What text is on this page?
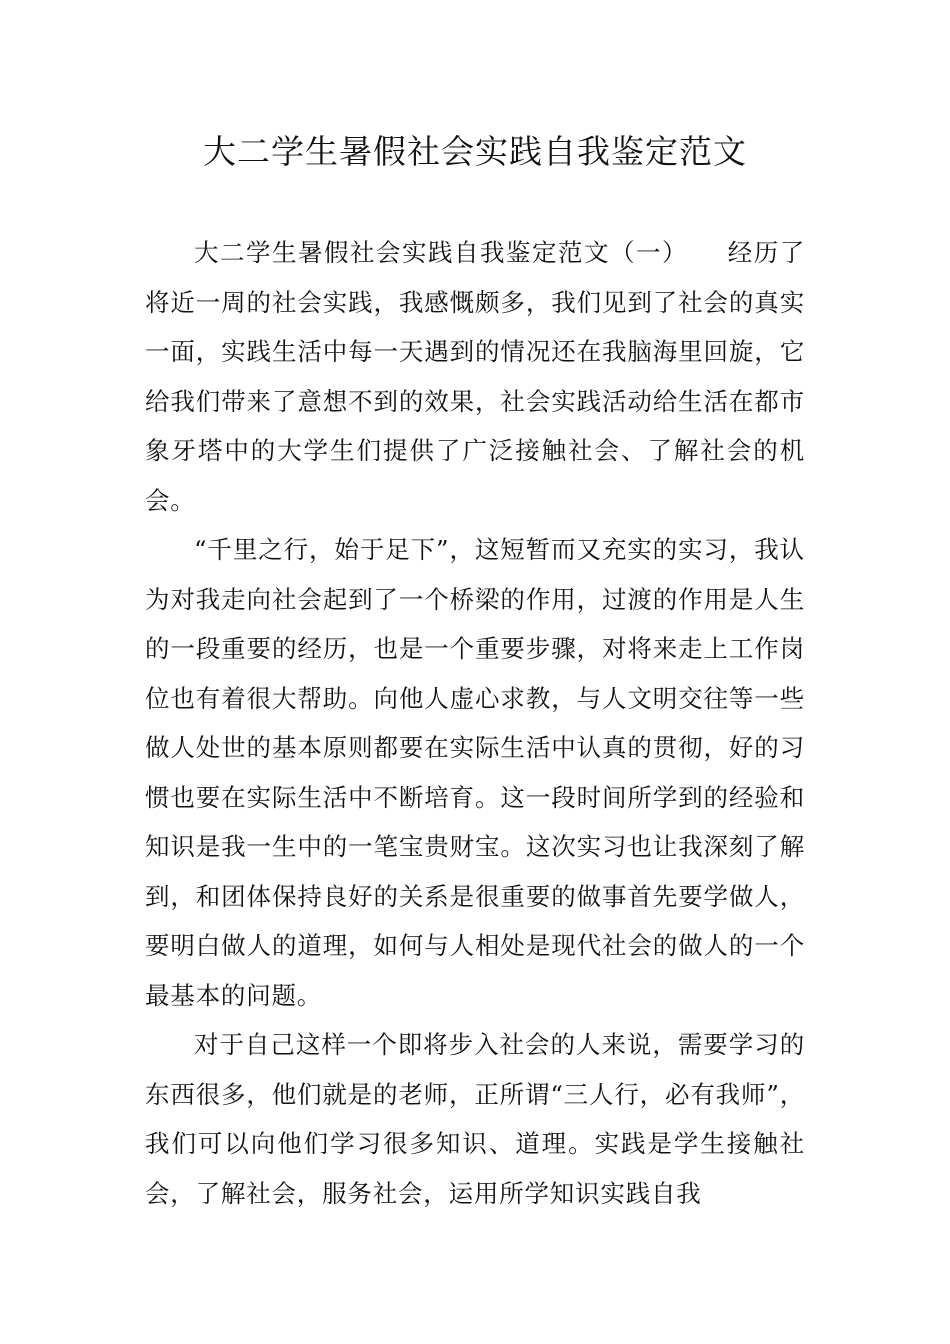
大二学生暑假社会实践自我鉴定范文

大二学生暑假社会实践自我鉴定范文（一）　　经历了将近一周的社会实践，我感慨颇多，我们见到了社会的真实一面，实践生活中每一天遇到的情况还在我脑海里回旋，它给我们带来了意想不到的效果，社会实践活动给生活在都市象牙塔中的大学生们提供了广泛接触社会、了解社会的机会。

“千里之行，始于足下”，这短暂而又充实的实习，我认为对我走向社会起到了一个桥梁的作用，过渡的作用是人生的一段重要的经历，也是一个重要步骤，对将来走上工作岗位也有着很大帮助。向他人虚心求教，与人文明交往等一些做人处世的基本原则都要在实际生活中认真的贯彻，好的习惯也要在实际生活中不断培育。这一段时间所学到的经验和知识是我一生中的一笔宝贵财宝。这次实习也让我深刻了解到，和团体保持良好的关系是很重要的做事首先要学做人，要明白做人的道理，如何与人相处是现代社会的做人的一个最基本的问题。

对于自己这样一个即将步入社会的人来说，需要学习的东西很多，他们就是的老师，正所谓“三人行，必有我师”，我们可以向他们学习很多知识、道理。实践是学生接触社会，了解社会，服务社会，运用所学知识实践自我
